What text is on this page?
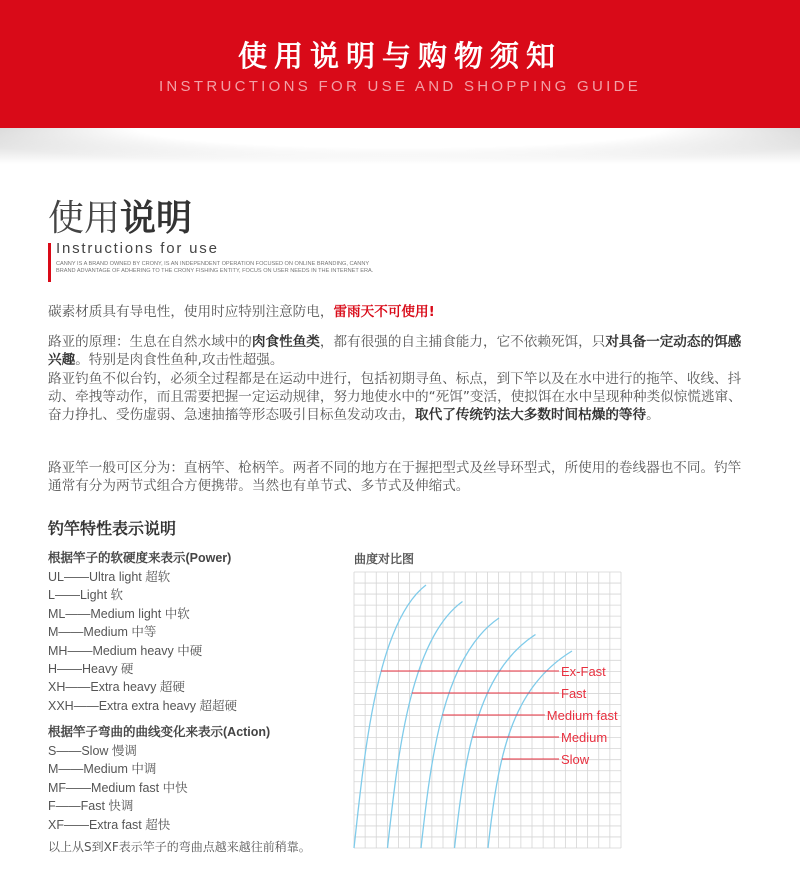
使用说明与购物须知
INSTRUCTIONS FOR USE AND SHOPPING GUIDE
使用说明
Instructions for use
CANNY IS A BRAND OWNED BY CRONY, IS AN INDEPENDENT OPERATION FOCUSED ON ONLINE BRANDING, CANNY BRAND ADVANTAGE OF ADHERING TO THE CRONY FISHING ENTITY, FOCUS ON USER NEEDS IN THE INTERNET ERA.
碳素材质具有导电性，使用时应特别注意防电，雷雨天不可使用!
路亚的原理：生息在自然水域中的肉食性鱼类，都有很强的自主捕食能力，它不依赖死饵，只对具备一定动态的饵感兴趣。特别是肉食性鱼种,攻击性超强。
路亚钓鱼不似台钓，必须全过程都是在运动中进行，包括初期寻鱼、标点，到下竿以及在水中进行的拖竿、收线、抖动、牵拽等动作，而且需要把握一定运动规律，努力地使水中的“死饵”变活，使拟饵在水中呈现种种类似惊慌逃窜、奋力挣扎、受伤虚弱、急速抽搐等形态吸引目标鱼发动攻击，取代了传统钓法大多数时间枯燥的等待。
路亚竿一般可区分为：直柄竿、枪柄竿。两者不同的地方在于握把型式及丝导环型式，所使用的卷线器也不同。钓竿通常有分为两节式组合方便携带。当然也有单节式、多节式及伸缩式。
钓竿特性表示说明
根据竿子的软硬度来表示(Power)
UL——Ultra light 超软
L——Light 软
ML——Medium light 中软
M——Medium 中等
MH——Medium heavy 中硬
H——Heavy 硬
XH——Extra heavy 超硬
XXH——Extra extra heavy 超超硬
根据竿子弯曲的曲线变化来表示(Action)
S——Slow 慢调
M——Medium 中调
MF——Medium fast 中快
F——Fast 快调
XF——Extra fast 超快
以上从S到XF表示竿子的弯曲点越来越往前稍靠。
曲度对比图
Ex-Fast
Fast
Medium fast
Medium
Slow
